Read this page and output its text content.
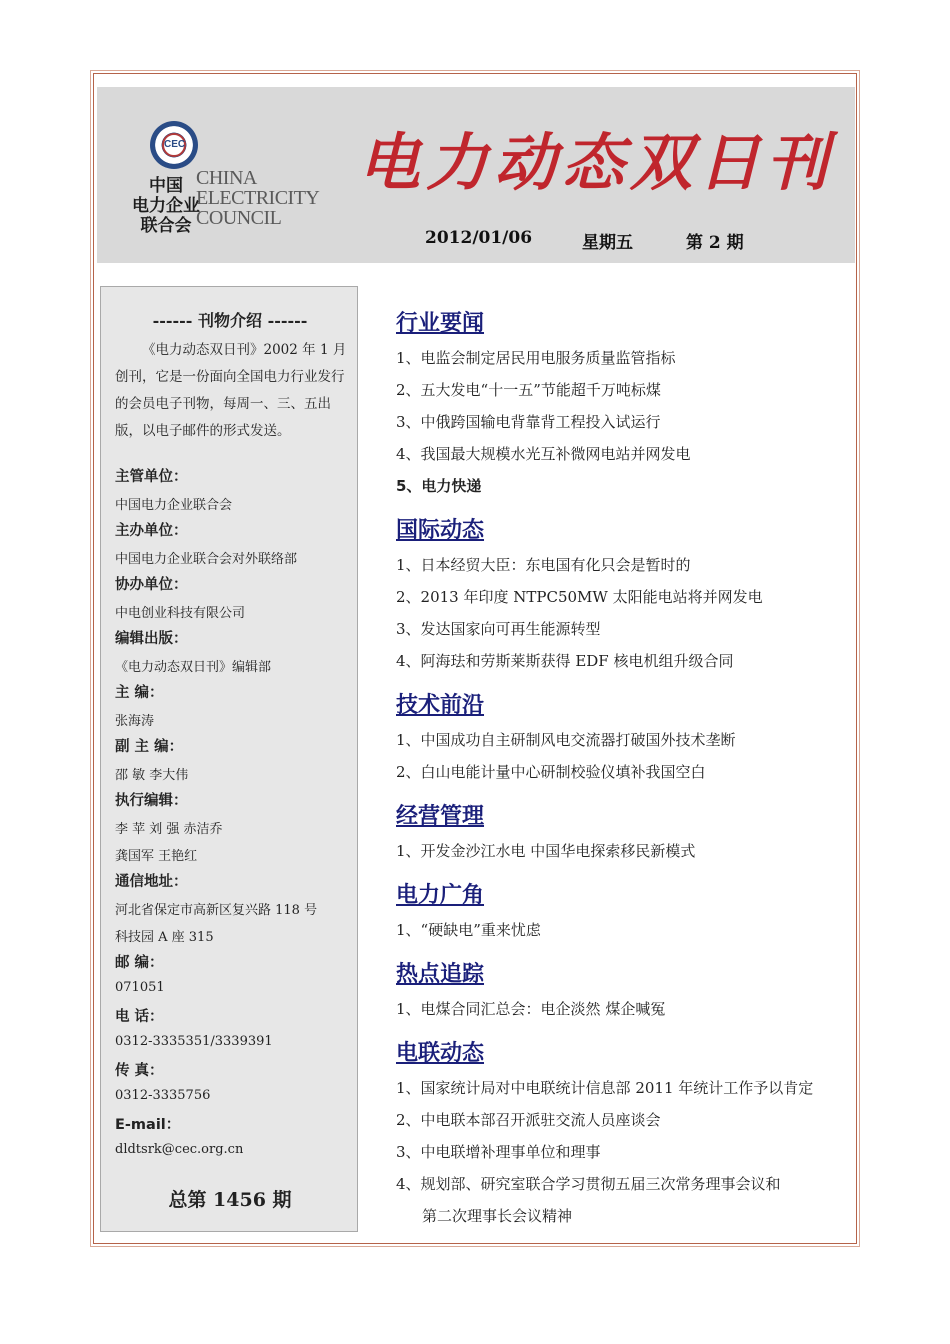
CEC
中国
电力企业
联合会
CHINA
ELECTRICITY
COUNCIL
电力动态双日刊
2012/01/06	星期五	第 2 期
------ 刊物介绍 ------
《电力动态双日刊》2002 年 1 月创刊，它是一份面向全国电力行业发行的会员电子刊物，每周一、三、五出版，以电子邮件的形式发送。
主管单位：
中国电力企业联合会
主办单位：
中国电力企业联合会对外联络部
协办单位：
中电创业科技有限公司
编辑出版：
《电力动态双日刊》编辑部
主 编：
张海涛
副 主 编：
邵 敏 李大伟
执行编辑：
李 苹 刘 强 赤洁乔
龚国军 王艳红
通信地址：
河北省保定市高新区复兴路 118 号
科技园 A 座 315
邮 编：
071051
电 话：
0312-3335351/3339391
传 真：
0312-3335756
E-mail：
dldtsrk@cec.org.cn
总第 1456 期
行业要闻
1、电监会制定居民用电服务质量监管指标
2、五大发电“十一五”节能超千万吨标煤
3、中俄跨国输电背靠背工程投入试运行
4、我国最大规模水光互补微网电站并网发电
5、电力快递
国际动态
1、日本经贸大臣：东电国有化只会是暂时的
2、2013 年印度 NTPC50MW 太阳能电站将并网发电
3、发达国家向可再生能源转型
4、阿海珐和劳斯莱斯获得 EDF 核电机组升级合同
技术前沿
1、中国成功自主研制风电交流器打破国外技术垄断
2、白山电能计量中心研制校验仪填补我国空白
经营管理
1、开发金沙江水电 中国华电探索移民新模式
电力广角
1、“硬缺电”重来忧虑
热点追踪
1、电煤合同汇总会：电企淡然 煤企喊冤
电联动态
1、国家统计局对中电联统计信息部 2011 年统计工作予以肯定
2、中电联本部召开派驻交流人员座谈会
3、中电联增补理事单位和理事
4、规划部、研究室联合学习贯彻五届三次常务理事会议和
第二次理事长会议精神
